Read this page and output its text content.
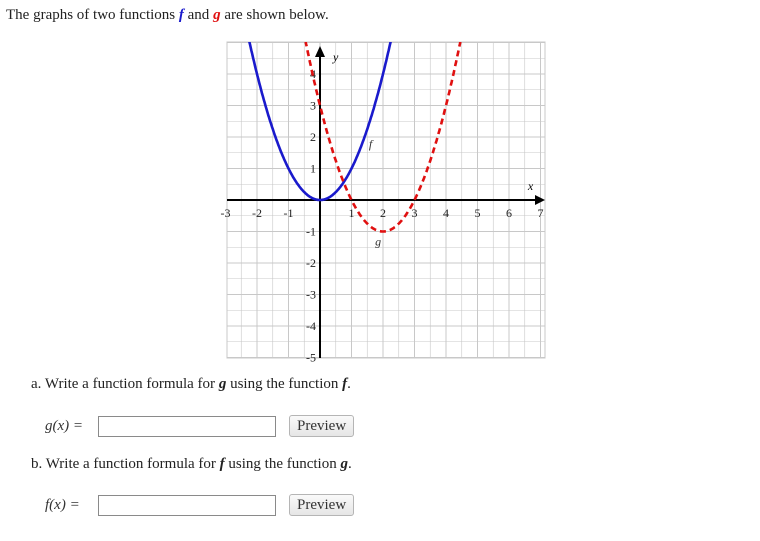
The graphs of two functions f and g are shown below.
-3 -2 -1	1 2 3 4 5 6 7
-5
-4
-3
-2
-1
1
2
3
4
x
y
f
g
a. Write a function formula for g using the function f.
g(x) =	Preview
b. Write a function formula for f using the function g.
f(x) =	Preview
